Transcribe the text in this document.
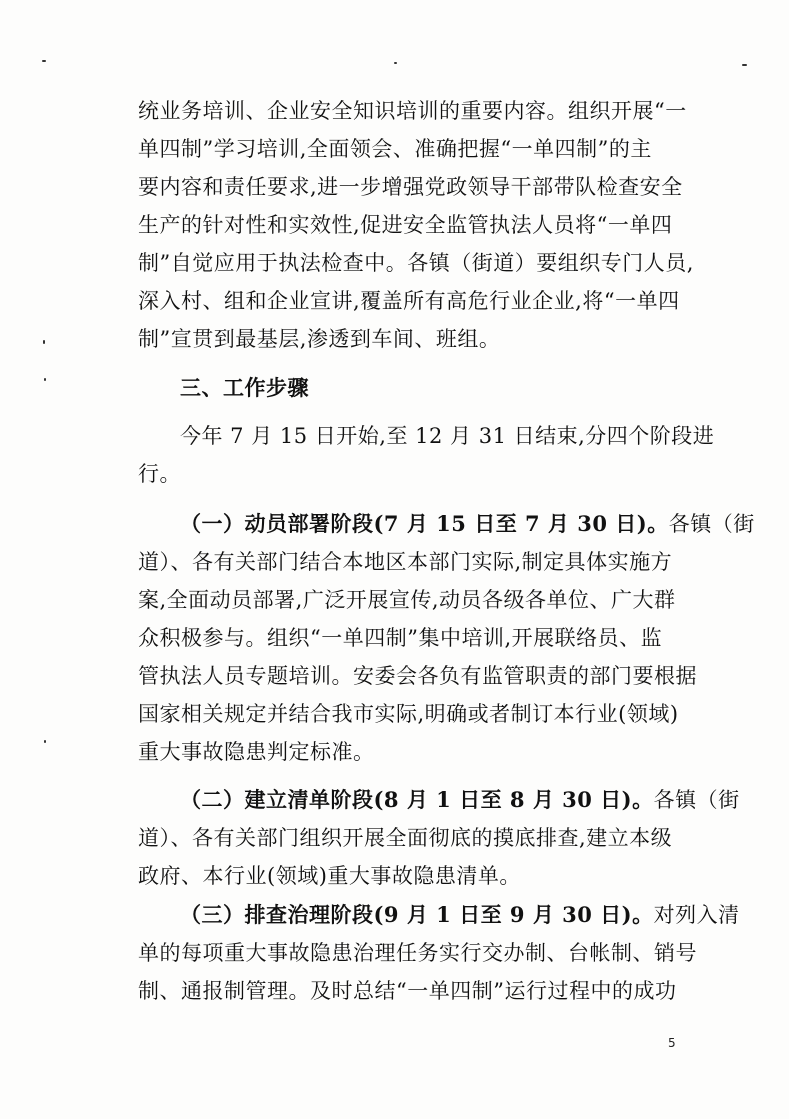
统业务培训、企业安全知识培训的重要内容。组织开展“一
单四制”学习培训,全面领会、准确把握“一单四制”的主
要内容和责任要求,进一步增强党政领导干部带队检查安全
生产的针对性和实效性,促进安全监管执法人员将“一单四
制”自觉应用于执法检查中。各镇（街道）要组织专门人员,
深入村、组和企业宣讲,覆盖所有高危行业企业,将“一单四
制”宣贯到最基层,渗透到车间、班组。
三、工作步骤
今年 7 月 15 日开始,至 12 月 31 日结束,分四个阶段进
行。
（一）动员部署阶段(7 月 15 日至 7 月 30 日)。各镇（街
道）、各有关部门结合本地区本部门实际,制定具体实施方
案,全面动员部署,广泛开展宣传,动员各级各单位、广大群
众积极参与。组织“一单四制”集中培训,开展联络员、监
管执法人员专题培训。安委会各负有监管职责的部门要根据
国家相关规定并结合我市实际,明确或者制订本行业(领域)
重大事故隐患判定标准。
（二）建立清单阶段(8 月 1 日至 8 月 30 日)。各镇（街
道）、各有关部门组织开展全面彻底的摸底排查,建立本级
政府、本行业(领域)重大事故隐患清单。
（三）排查治理阶段(9 月 1 日至 9 月 30 日)。对列入清
单的每项重大事故隐患治理任务实行交办制、台帐制、销号
制、通报制管理。及时总结“一单四制”运行过程中的成功
5
